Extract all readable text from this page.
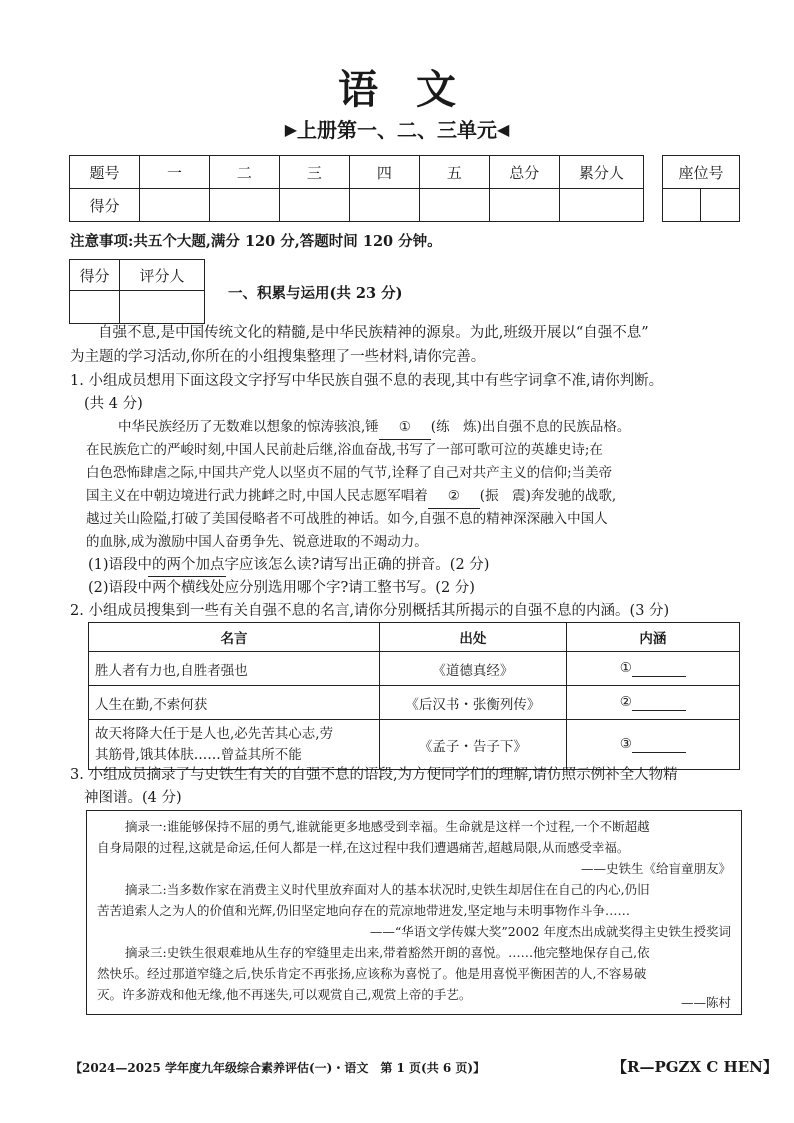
语文
▶上册第一、二、三单元◀
题号	一	二	三	四	五	总分	累分人
得分							
座位号

注意事项:共五个大题,满分 120 分,答题时间 120 分钟。
得分	评分人

一、积累与运用(共 23 分)
自强不息,是中国传统文化的精髓,是中华民族精神的源泉。为此,班级开展以“自强不息”
为主题的学习活动,你所在的小组搜集整理了一些材料,请你完善。
1. 小组成员想用下面这段文字抒写中华民族自强不息的表现,其中有些字词拿不准,请你判断。
(共 4 分)
中华民族经历了无数难以想象的惊涛骇浪,锤 ① (练　炼)出自强不息的民族品格。
在民族危亡的严峻时刻,中国人民前赴后继,浴血奋战,书写了一部可歌可泣的英雄史诗;在
白色恐怖肆虐之际,中国共产党人以坚贞不屈的气节,诠释了自己对共产主义的信仰;当美帝
国主义在中朝边境进行武力挑衅之时,中国人民志愿军唱着 ② (振　震)奔发驰的战歌,
越过关山险隘,打破了美国侵略者不可战胜的神话。如今,自强不息的精神深深融入中国人
的血脉,成为激励中国人奋勇争先、锐意进取的不竭动力。
(1)语段中的两个加点字应该怎么读?请写出正确的拼音。(2 分)
(2)语段中两个横线处应分别选用哪个字?请工整书写。(2 分)
2. 小组成员搜集到一些有关自强不息的名言,请你分别概括其所揭示的自强不息的内涵。(3 分)
名言	出处	内涵
胜人者有力也,自胜者强也	《道德真经》	①
人生在勤,不索何获	《后汉书・张衡列传》	②
故天将降大任于是人也,必先苦其心志,劳
其筋骨,饿其体肤……曾益其所不能	《孟子・告子下》	③
3. 小组成员摘录了与史铁生有关的自强不息的语段,为方便同学们的理解,请仿照示例补全人物精
神图谱。(4 分)
摘录一:谁能够保持不屈的勇气,谁就能更多地感受到幸福。生命就是这样一个过程,一个不断超越
自身局限的过程,这就是命运,任何人都是一样,在这过程中我们遭遇痛苦,超越局限,从而感受幸福。
——史铁生《给盲童朋友》
摘录二:当多数作家在消费主义时代里放弃面对人的基本状况时,史铁生却居住在自己的内心,仍旧
苦苦追索人之为人的价值和光辉,仍旧坚定地向存在的荒凉地带进发,坚定地与未明事物作斗争……
——“华语文学传媒大奖”2002 年度杰出成就奖得主史铁生授奖词
摘录三:史铁生很艰难地从生存的窄缝里走出来,带着豁然开朗的喜悦。……他完整地保存自己,依
然快乐。经过那道窄缝之后,快乐肯定不再张扬,应该称为喜悦了。他是用喜悦平衡困苦的人,不容易破
灭。许多游戏和他无缘,他不再迷失,可以观赏自己,观赏上帝的手艺。
——陈村
【2024—2025 学年度九年级综合素养评估(一)・语文　第 1 页(共 6 页)】	【R—PGZX C HEN】
